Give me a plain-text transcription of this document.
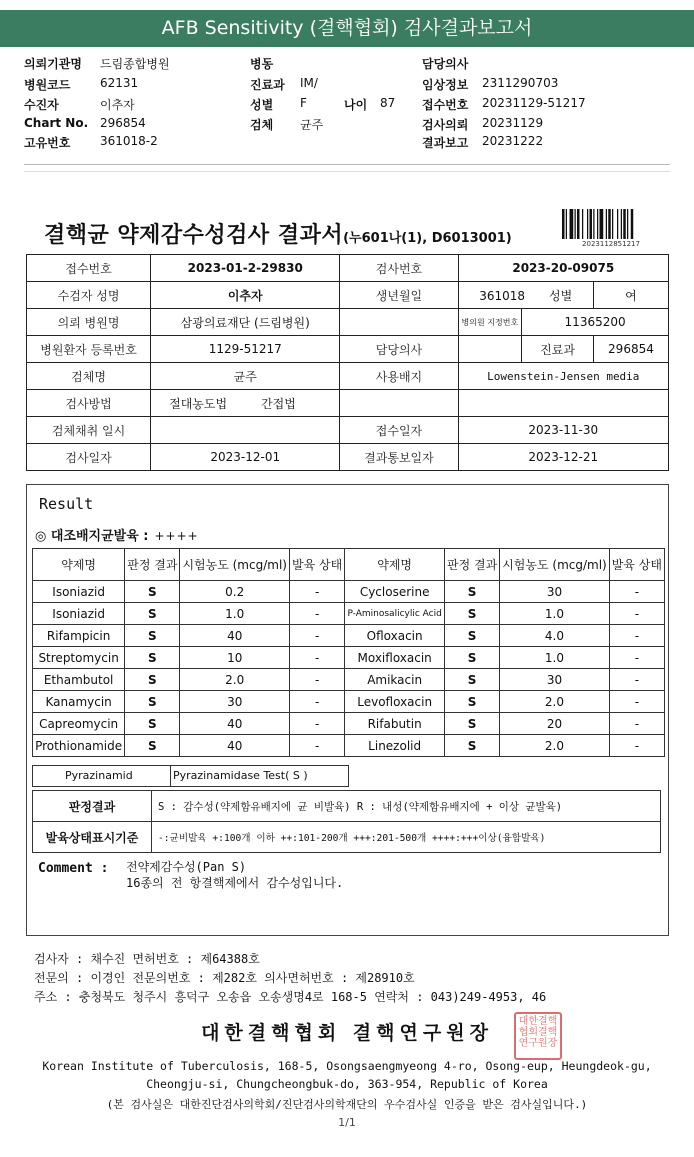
AFB Sensitivity (결핵협회) 검사결과보고서
의뢰기관명 드림종합병원
병원코드 62131
수진자	이추자
Chart No. 296854
고유번호 361018-2
병동
진료과 IM/
성별 F	나이 87
검체 균주
담당의사
임상정보 2311290703
접수번호 20231129-51217
검사의뢰 20231129
결과보고 20231222
결핵균 약제감수성검사 결과서(누601나(1), D6013001)	2023112851217
접수번호	2023-01-2-29830	검사번호	2023-20-09075		
수검자 성명	이추자	생년월일	361018 성별		여
의뢰 병원명	삼광의료재단 (드림병원)		병의원 지정번호	11365200	
병원환자 등록번호	1129-51217	담당의사		진료과	296854
검체명	균주	사용배지	Lowenstein-Jensen media		
검사방법	절대농도법 간접법				
검체채취 일시		접수일자	2023-11-30		
검사일자	2023-12-01	결과통보일자	2023-12-21		
Result
◎ 대조배지균발육 : ++++
약제명	판정 결과	시험농도 (mcg/ml)	발육 상태	약제명	판정 결과	시험농도 (mcg/ml)	발육 상태
Isoniazid	S	0.2	-	Cycloserine	S	30	-
Isoniazid	S	1.0	-	P-Aminosalicylic Acid	S	1.0	-
Rifampicin	S	40	-	Ofloxacin	S	4.0	-
Streptomycin	S	10	-	Moxifloxacin	S	1.0	-
Ethambutol	S	2.0	-	Amikacin	S	30	-
Kanamycin	S	30	-	Levofloxacin	S	2.0	-
Capreomycin	S	40	-	Rifabutin	S	20	-
Prothionamide	S	40	-	Linezolid	S	2.0	-
Pyrazinamid	Pyrazinamidase Test( S )
판정결과	S : 감수성(약제함유배지에 균 비발육) R : 내성(약제함유배지에 + 이상 균발육)
발육상태표시기준	-:균비발육 +:100개 이하 ++:101-200개 +++:201-500개 ++++:+++이상(융합발육)
Comment : 전약제감수성(Pan S)
16종의 전 항결핵제에서 감수성입니다.
검사자 : 채수진 면허번호 : 제64388호
전문의 : 이경인 전문의번호 : 제282호 의사면허번호 : 제28910호
주소 : 충청북도 청주시 흥덕구 오송읍 오송생명4로 168-5 연락처 : 043)249-4953, 46
대한결핵협회 결핵연구원장
대한결핵 협회결핵 연구원장
Korean Institute of Tuberculosis, 168-5, Osongsaengmyeong 4-ro, Osong-eup, Heungdeok-gu,
Cheongju-si, Chungcheongbuk-do, 363-954, Republic of Korea
(본 검사실은 대한진단검사의학회/진단검사의학재단의 우수검사실 인증을 받은 검사실입니다.)
1/1
